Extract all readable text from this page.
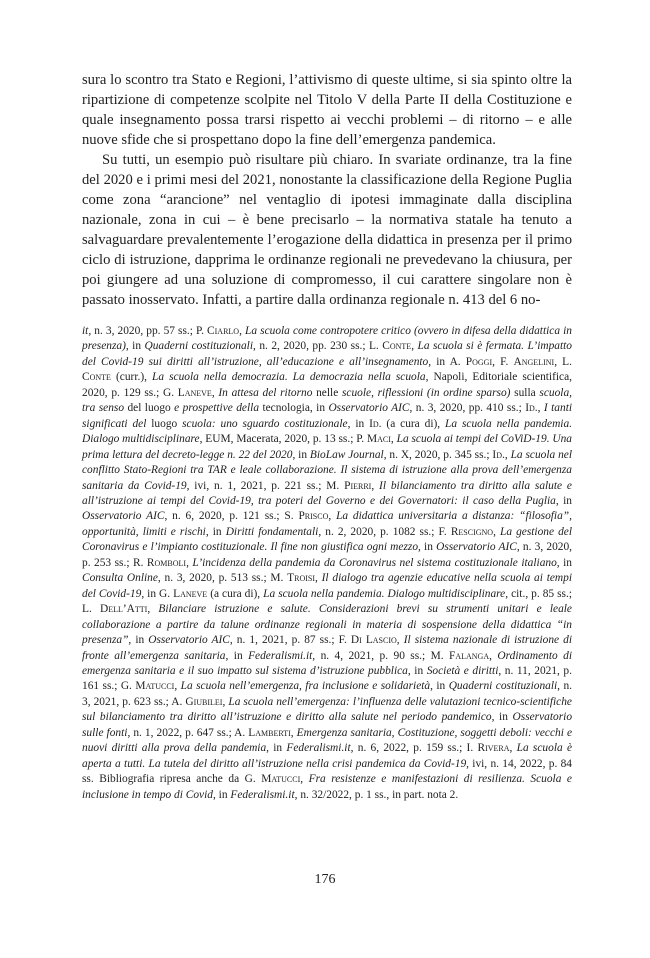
sura lo scontro tra Stato e Regioni, l’attivismo di queste ultime, si sia spinto oltre la ripartizione di competenze scolpite nel Titolo V della Parte II della Costituzione e quale insegnamento possa trarsi rispetto ai vecchi problemi – di ritorno – e alle nuove sfide che si prospettano dopo la fine dell’emergenza pandemica.

Su tutti, un esempio può risultare più chiaro. In svariate ordinanze, tra la fine del 2020 e i primi mesi del 2021, nonostante la classificazione della Regione Puglia come zona “arancione” nel ventaglio di ipotesi immaginate dalla disciplina nazionale, zona in cui – è bene precisarlo – la normativa statale ha tenuto a salvaguardare prevalentemente l’erogazione della didattica in presenza per il primo ciclo di istruzione, dapprima le ordinanze regionali ne prevedevano la chiusura, per poi giungere ad una soluzione di compromesso, il cui carattere singolare non è passato inosservato. Infatti, a partire dalla ordinanza regionale n. 413 del 6 no-

it, n. 3, 2020, pp. 57 ss.; P. Ciarlo, La scuola come contropotere critico (ovvero in difesa della didattica in presenza), in Quaderni costituzionali, n. 2, 2020, pp. 230 ss.; L. Conte, La scuola si è fermata. L’impatto del Covid-19 sui diritti all’istruzione, all’educazione e all’insegnamento, in A. Poggi, F. Angelini, L. Conte (curr.), La scuola nella democrazia. La democrazia nella scuola, Napoli, Editoriale scientifica, 2020, p. 129 ss.; G. Laneve, In attesa del ritorno nelle scuole, riflessioni (in ordine sparso) sulla scuola, tra senso del luogo e prospettive della tecnologia, in Osservatorio AIC, n. 3, 2020, pp. 410 ss.; Id., I tanti significati del luogo scuola: uno sguardo costituzionale, in Id. (a cura di), La scuola nella pandemia. Dialogo multidisciplinare, EUM, Macerata, 2020, p. 13 ss.; P. Maci, La scuola ai tempi del CoViD-19. Una prima lettura del decreto-legge n. 22 del 2020, in BioLaw Journal, n. X, 2020, p. 345 ss.; Id., La scuola nel conflitto Stato-Regioni tra TAR e leale collaborazione. Il sistema di istruzione alla prova dell’emergenza sanitaria da Covid-19, ivi, n. 1, 2021, p. 221 ss.; M. Pierri, Il bilanciamento tra diritto alla salute e all’istruzione ai tempi del Covid-19, tra poteri del Governo e dei Governatori: il caso della Puglia, in Osservatorio AIC, n. 6, 2020, p. 121 ss.; S. Prisco, La didattica universitaria a distanza: “filosofia”, opportunità, limiti e rischi, in Diritti fondamentali, n. 2, 2020, p. 1082 ss.; F. Rescigno, La gestione del Coronavirus e l’impianto costituzionale. Il fine non giustifica ogni mezzo, in Osservatorio AIC, n. 3, 2020, p. 253 ss.; R. Romboli, L’incidenza della pandemia da Coronavirus nel sistema costituzionale italiano, in Consulta Online, n. 3, 2020, p. 513 ss.; M. Troisi, Il dialogo tra agenzie educative nella scuola ai tempi del Covid-19, in G. Laneve (a cura di), La scuola nella pandemia. Dialogo multidisciplinare, cit., p. 85 ss.; L. Dell’Atti, Bilanciare istruzione e salute. Considerazioni brevi su strumenti unitari e leale collaborazione a partire da talune ordinanze regionali in materia di sospensione della didattica “in presenza”, in Osservatorio AIC, n. 1, 2021, p. 87 ss.; F. Di Lascio, Il sistema nazionale di istruzione di fronte all’emergenza sanitaria, in Federalismi.it, n. 4, 2021, p. 90 ss.; M. Falanga, Ordinamento di emergenza sanitaria e il suo impatto sul sistema d’istruzione pubblica, in Società e diritti, n. 11, 2021, p. 161 ss.; G. Matucci, La scuola nell’emergenza, fra inclusione e solidarietà, in Quaderni costituzionali, n. 3, 2021, p. 623 ss.; A. Giubilei, La scuola nell’emergenza: l’influenza delle valutazioni tecnico-scientifiche sul bilanciamento tra diritto all’istruzione e diritto alla salute nel periodo pandemico, in Osservatorio sulle fonti, n. 1, 2022, p. 647 ss.; A. Lamberti, Emergenza sanitaria, Costituzione, soggetti deboli: vecchi e nuovi diritti alla prova della pandemia, in Federalismi.it, n. 6, 2022, p. 159 ss.; I. Rivera, La scuola è aperta a tutti. La tutela del diritto all’istruzione nella crisi pandemica da Covid-19, ivi, n. 14, 2022, p. 84 ss. Bibliografia ripresa anche da G. Matucci, Fra resistenze e manifestazioni di resilienza. Scuola e inclusione in tempo di Covid, in Federalismi.it, n. 32/2022, p. 1 ss., in part. nota 2.

176
